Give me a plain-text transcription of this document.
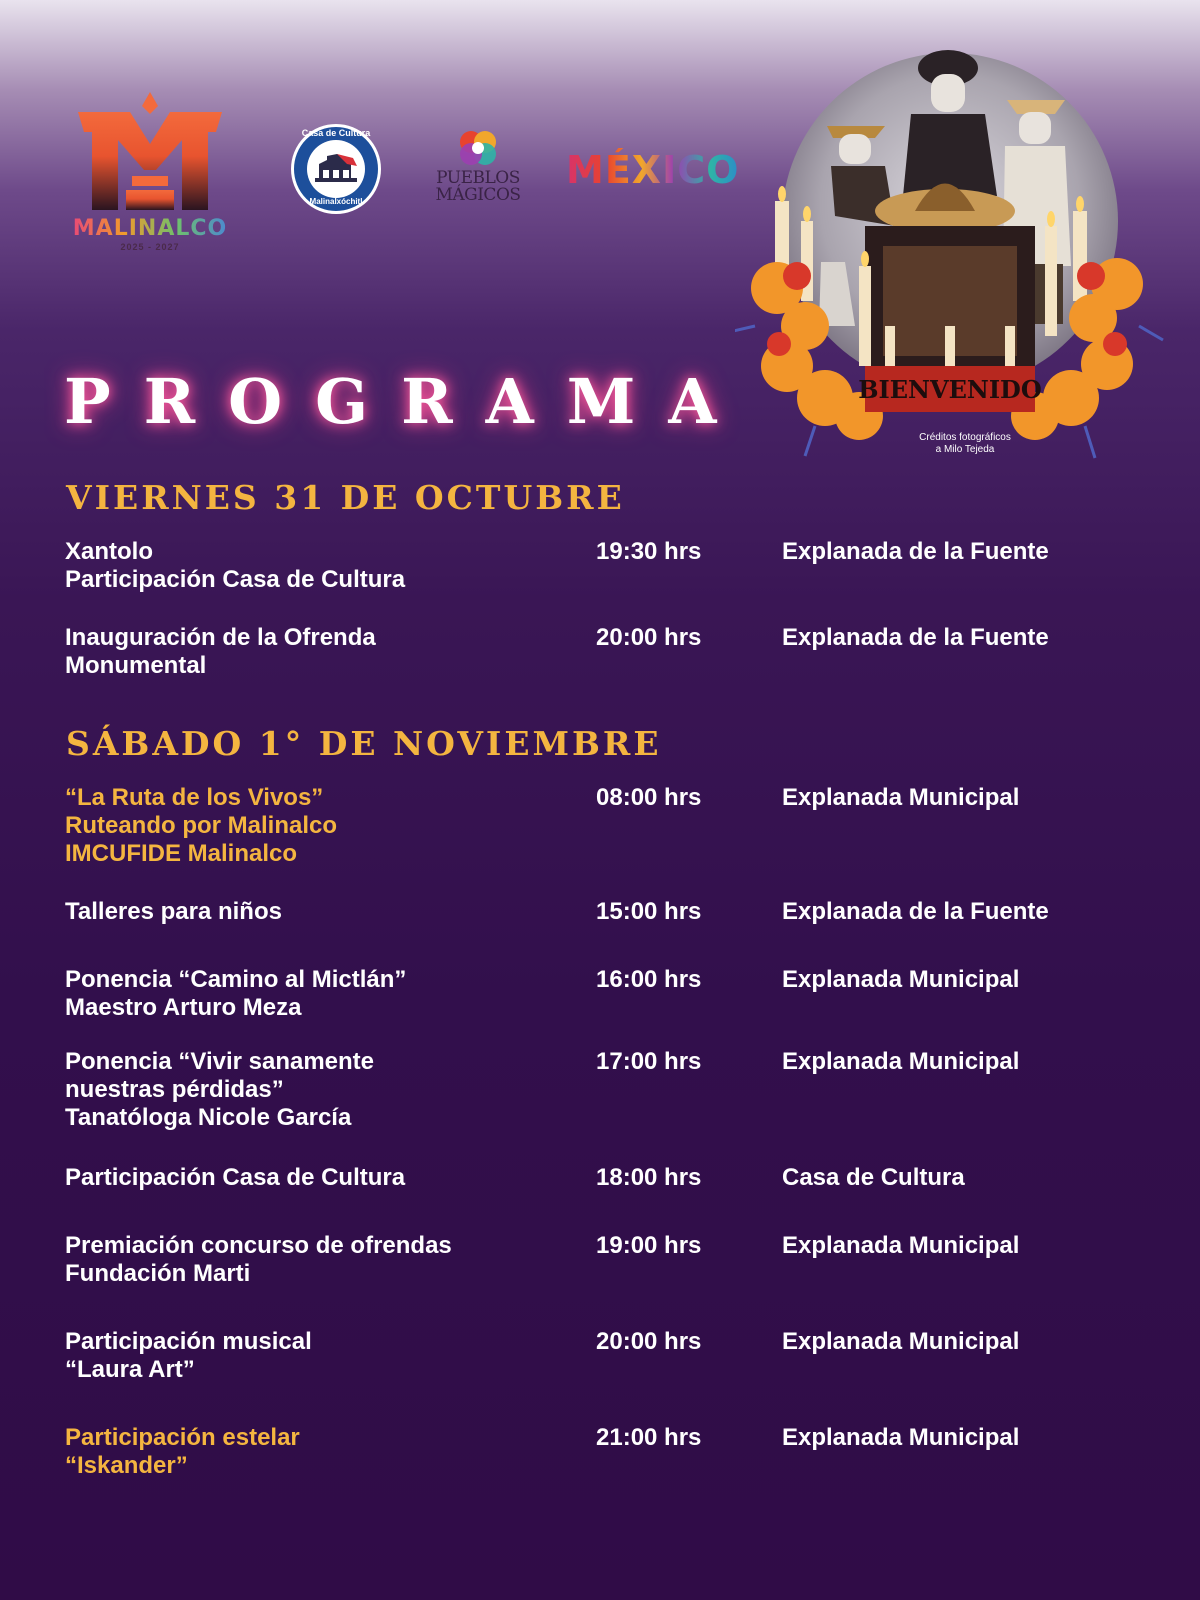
MALINALCO
2025 - 2027
Casa de Cultura
Malinalxóchitl
PUEBLOS
MÁGICOS
MÉXICO
BIENVENIDO
Créditos fotográficos
a Milo Tejeda
PROGRAMA
VIERNES 31 DE OCTUBRE
Xantolo
Participación Casa de Cultura
19:30 hrs	Explanada de la Fuente
Inauguración de la Ofrenda
Monumental
20:00 hrs	Explanada de la Fuente
SÁBADO 1° DE NOVIEMBRE
“La Ruta de los Vivos”
Ruteando por Malinalco
IMCUFIDE Malinalco
08:00 hrs	Explanada Municipal
Talleres para niños	15:00 hrs	Explanada de la Fuente
Ponencia “Camino al Mictlán”
Maestro Arturo Meza
16:00 hrs	Explanada Municipal
Ponencia “Vivir sanamente
nuestras pérdidas”
Tanatóloga Nicole García
17:00 hrs	Explanada Municipal
Participación Casa de Cultura	18:00 hrs	Casa de Cultura
Premiación concurso de ofrendas
Fundación Marti
19:00 hrs	Explanada Municipal
Participación musical
“Laura Art”
20:00 hrs	Explanada Municipal
Participación estelar
“Iskander”
21:00 hrs	Explanada Municipal
